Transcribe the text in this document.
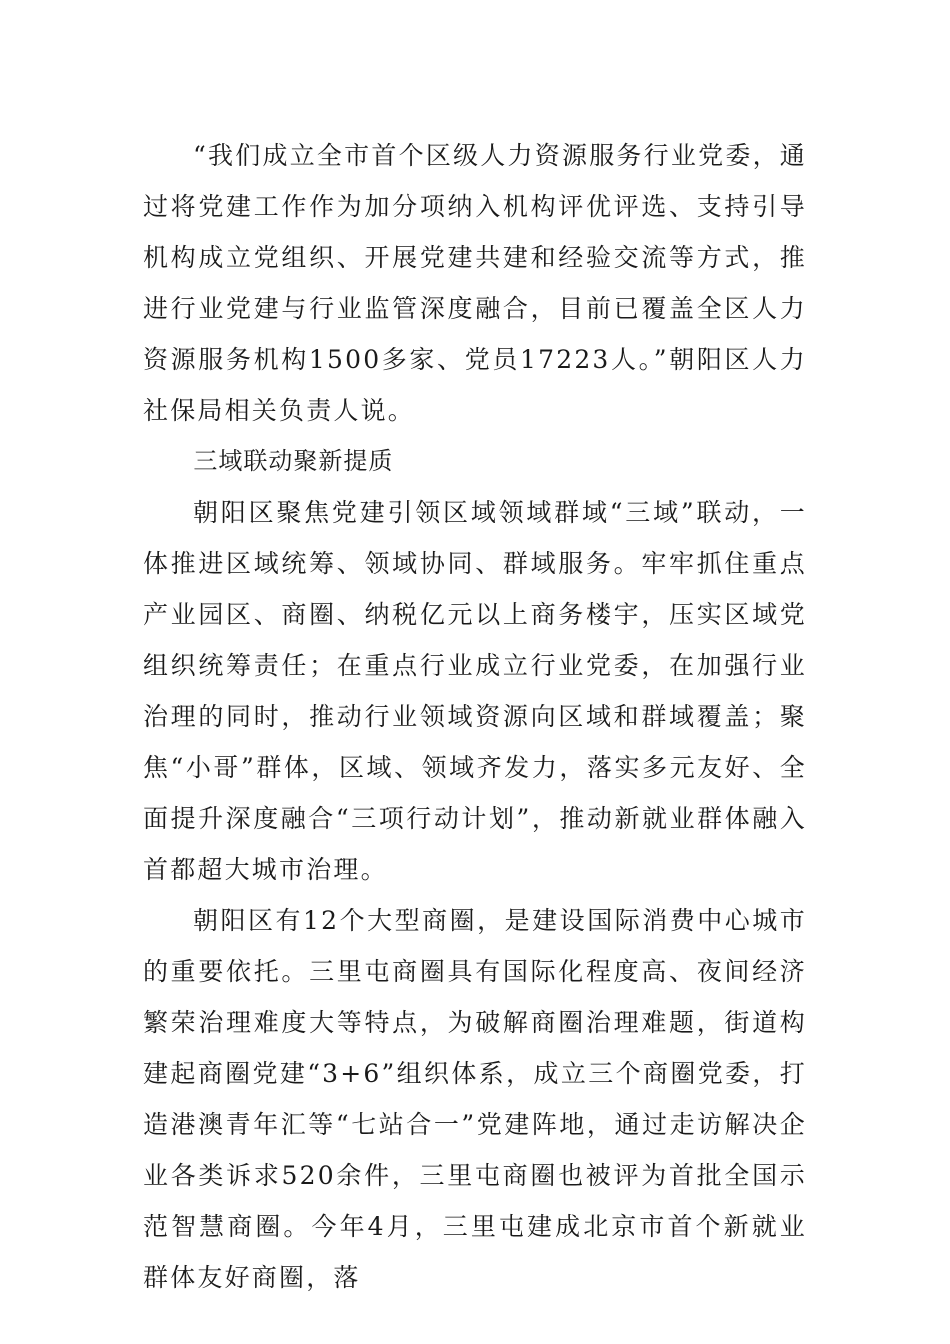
“我们成立全市首个区级人力资源服务行业党委，通过将党建工作作为加分项纳入机构评优评选、支持引导机构成立党组织、开展党建共建和经验交流等方式，推进行业党建与行业监管深度融合，目前已覆盖全区人力资源服务机构1500多家、党员17223人。”朝阳区人力社保局相关负责人说。

三域联动聚新提质

朝阳区聚焦党建引领区域领域群域“三域”联动，一体推进区域统筹、领域协同、群域服务。牢牢抓住重点产业园区、商圈、纳税亿元以上商务楼宇，压实区域党组织统筹责任；在重点行业成立行业党委，在加强行业治理的同时，推动行业领域资源向区域和群域覆盖；聚焦“小哥”群体，区域、领域齐发力，落实多元友好、全面提升深度融合“三项行动计划”，推动新就业群体融入首都超大城市治理。

朝阳区有12个大型商圈，是建设国际消费中心城市的重要依托。三里屯商圈具有国际化程度高、夜间经济繁荣治理难度大等特点，为破解商圈治理难题，街道构建起商圈党建“3+6”组织体系，成立三个商圈党委，打造港澳青年汇等“七站合一”党建阵地，通过走访解决企业各类诉求520余件，三里屯商圈也被评为首批全国示范智慧商圈。今年4月，三里屯建成北京市首个新就业群体友好商圈，落
